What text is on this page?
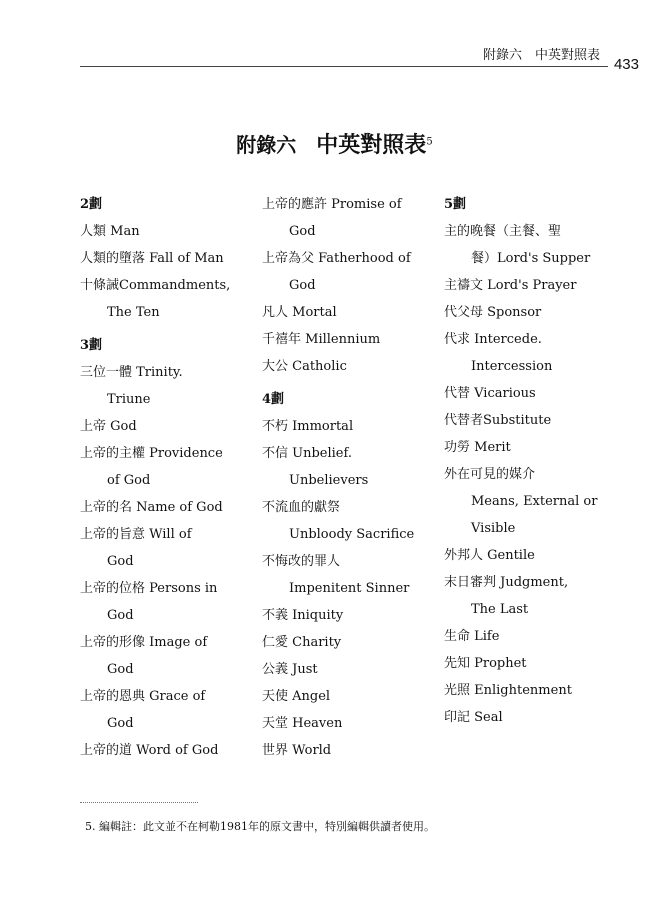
附錄六　中英對照表
433
附錄六 中英對照表$^5$
2劃
人類 Man
人類的墮落 Fall of Man
十條誡Commandments,
The Ten
3劃
三位一體 Trinity.
Triune
上帝 God
上帝的主權 Providence
of God
上帝的名 Name of God
上帝的旨意 Will of
God
上帝的位格 Persons in
God
上帝的形像 Image of
God
上帝的恩典 Grace of
God
上帝的道 Word of God
上帝的應許 Promise of
God
上帝為父 Fatherhood of
God
凡人 Mortal
千禧年 Millennium
大公 Catholic
4劃
不朽 Immortal
不信 Unbelief.
Unbelievers
不流血的獻祭
Unbloody Sacrifice
不悔改的罪人
Impenitent Sinner
不義 Iniquity
仁愛 Charity
公義 Just
天使 Angel
天堂 Heaven
世界 World
5劃
主的晚餐（主餐、聖
餐）Lord's Supper
主禱文 Lord's Prayer
代父母 Sponsor
代求 Intercede.
Intercession
代替 Vicarious
代替者Substitute
功勞 Merit
外在可見的媒介
Means, External or
Visible
外邦人 Gentile
末日審判 Judgment,
The Last
生命 Life
先知 Prophet
光照 Enlightenment
印記 Seal
5. 編輯註：此文並不在柯勒1981年的原文書中，特別編輯供讀者使用。
